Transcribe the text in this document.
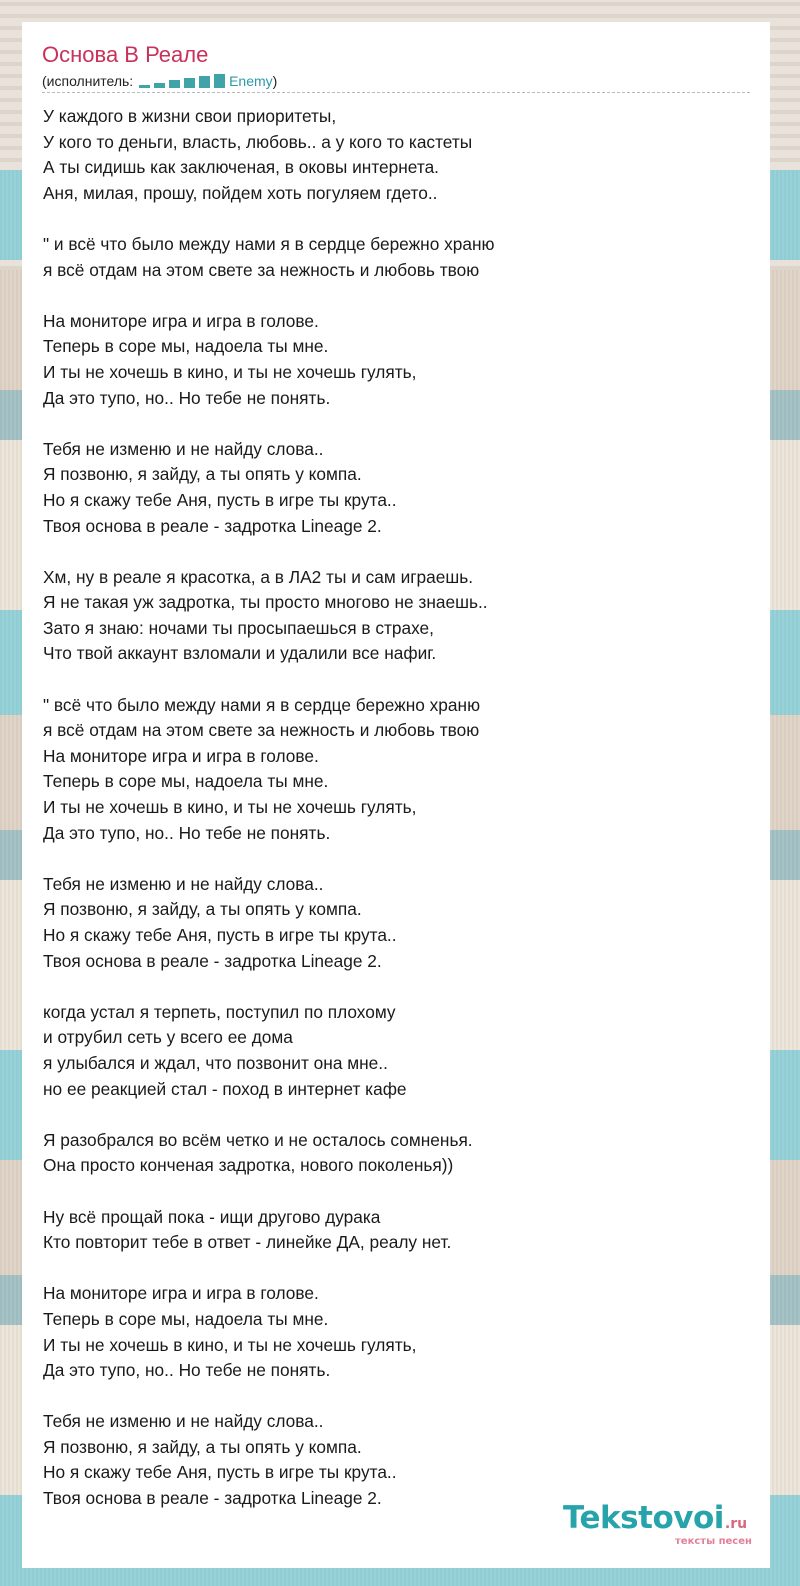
Основа В Реале
(исполнитель:	Enemy)
У каждого в жизни свои приоритеты,
У кого то деньги, власть, любовь.. а у кого то кастеты
А ты сидишь как заключеная, в оковы интернета.
Аня, милая, прошу, пойдем хоть погуляем гдето..
" и всё что было между нами я в сердце бережно храню
я всё отдам на этом свете за нежность и любовь твою
На мониторе игра и игра в голове.
Теперь в соре мы, надоела ты мне.
И ты не хочешь в кино, и ты не хочешь гулять,
Да это тупо, но.. Но тебе не понять.
Тебя не изменю и не найду слова..
Я позвоню, я зайду, а ты опять у компа.
Но я скажу тебе Аня, пусть в игре ты крута..
Твоя основа в реале - задротка Lineage 2.
Хм, ну в реале я красотка, а в ЛА2 ты и сам играешь.
Я не такая уж задротка, ты просто многово не знаешь..
Зато я знаю: ночами ты просыпаешься в страхе,
Что твой аккаунт взломали и удалили все нафиг.
" всё что было между нами я в сердце бережно храню
я всё отдам на этом свете за нежность и любовь твою
На мониторе игра и игра в голове.
Теперь в соре мы, надоела ты мне.
И ты не хочешь в кино, и ты не хочешь гулять,
Да это тупо, но.. Но тебе не понять.
Тебя не изменю и не найду слова..
Я позвоню, я зайду, а ты опять у компа.
Но я скажу тебе Аня, пусть в игре ты крута..
Твоя основа в реале - задротка Lineage 2.
когда устал я терпеть, поступил по плохому
и отрубил сеть у всего ее дома
я улыбался и ждал, что позвонит она мне..
но ее реакцией стал - поход в интернет кафе
Я разобрался во всём четко и не осталось сомненья.
Она просто конченая задротка, нового поколенья))
Ну всё прощай пока - ищи другово дурака
Кто повторит тебе в ответ - линейке ДА, реалу нет.
На мониторе игра и игра в голове.
Теперь в соре мы, надоела ты мне.
И ты не хочешь в кино, и ты не хочешь гулять,
Да это тупо, но.. Но тебе не понять.
Тебя не изменю и не найду слова..
Я позвоню, я зайду, а ты опять у компа.
Но я скажу тебе Аня, пусть в игре ты крута..
Твоя основа в реале - задротка Lineage 2.
Tekstovoi.ru
тексты песен
